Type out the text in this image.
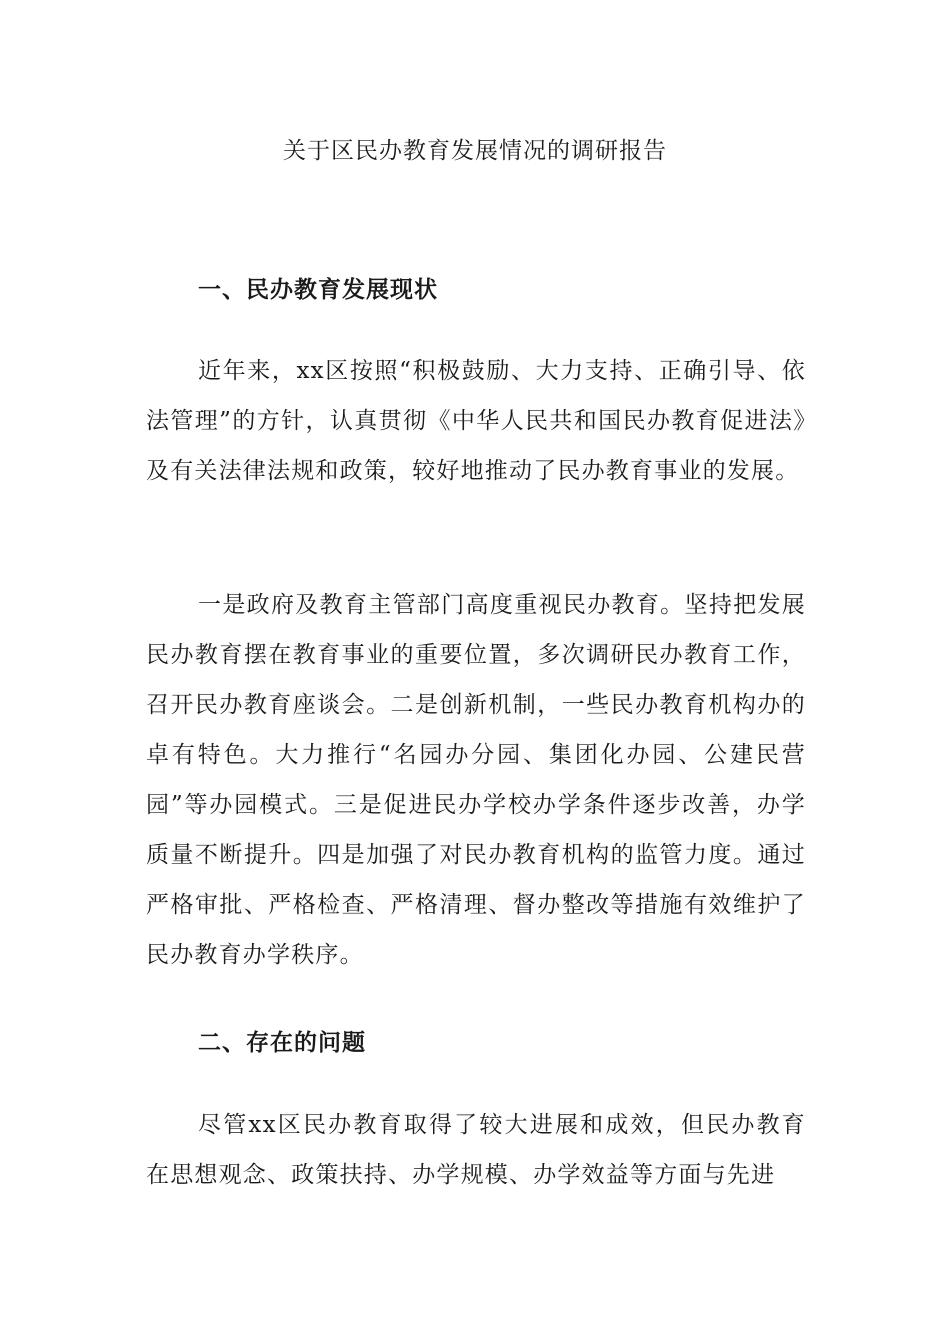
关于区民办教育发展情况的调研报告
一、民办教育发展现状

近年来，xx区按照“积极鼓励、大力支持、正确引导、依法管理”的方针，认真贯彻《中华人民共和国民办教育促进法》及有关法律法规和政策，较好地推动了民办教育事业的发展。

一是政府及教育主管部门高度重视民办教育。坚持把发展民办教育摆在教育事业的重要位置，多次调研民办教育工作，召开民办教育座谈会。二是创新机制，一些民办教育机构办的卓有特色。大力推行“名园办分园、集团化办园、公建民营园”等办园模式。三是促进民办学校办学条件逐步改善，办学质量不断提升。四是加强了对民办教育机构的监管力度。通过严格审批、严格检查、严格清理、督办整改等措施有效维护了民办教育办学秩序。

二、存在的问题

尽管xx区民办教育取得了较大进展和成效，但民办教育在思想观念、政策扶持、办学规模、办学效益等方面与先进
